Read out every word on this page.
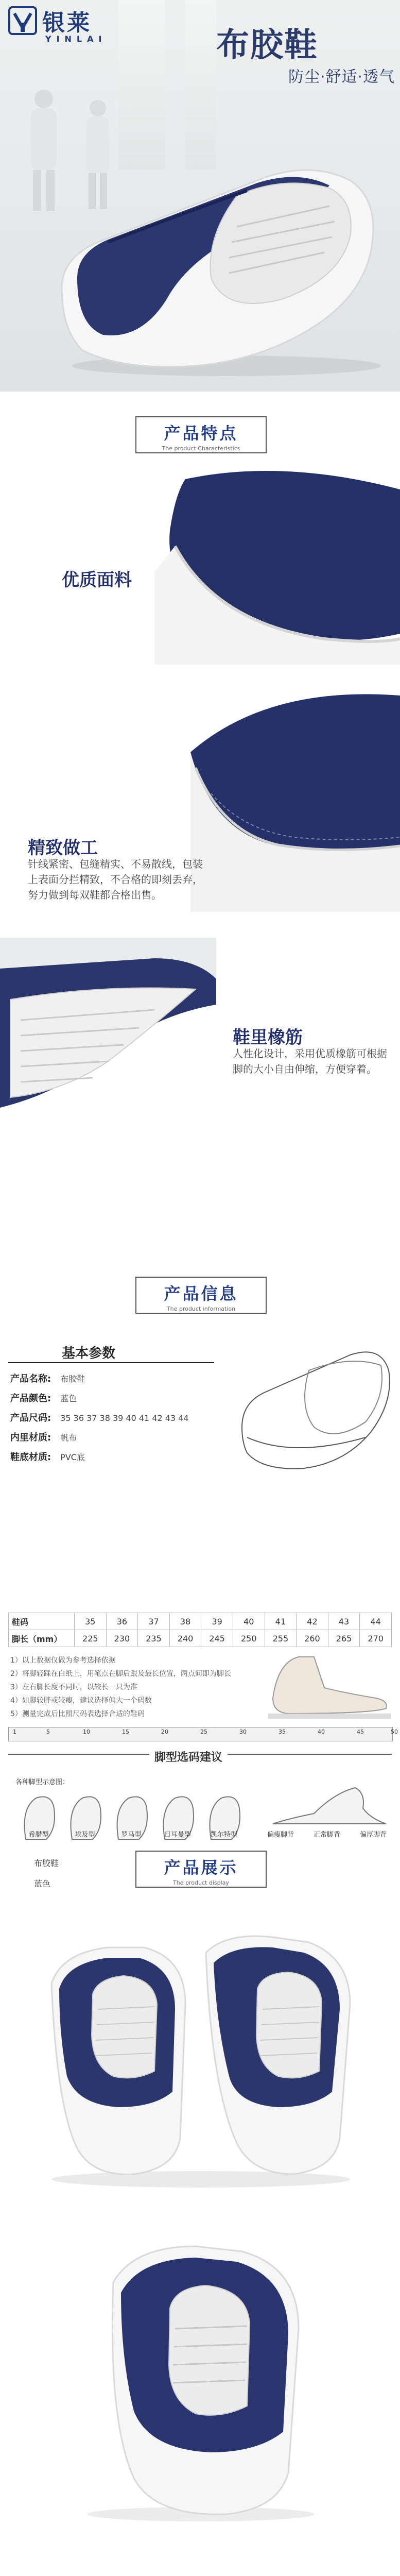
银莱
YINLAI	布胶鞋
防尘·舒适·透气
产品特点
The product Characteristics
优质面料
精致做工
针线紧密、包缝精实、不易散线，包装上表面分拦精致，不合格的即刻丢弃，努力做到每双鞋都合格出售。
鞋里橡筋
人性化设计，采用优质橡筋可根据脚的大小自由伸缩，方便穿着。
产品信息
The product information
基本参数
产品名称: 布胶鞋
产品颜色: 蓝色
产品尺码: 35 36 37 38 39 40 41 42 43 44
内里材质: 帆布
鞋底材质: PVC底
鞋码	35	36	37	38	39	40	41	42	43	44
脚长（mm）	225	230	235	240	245	250	255	260	265	270
1）以上数据仅做为参考选择依据
2）将脚轻踩在白纸上，用笔点在脚后跟及最长位置，两点间即为脚长
3）左右脚长度不同时，以较长一只为准
4）如脚较胖或较瘦，建议选择偏大一个码数
5）测量完成后比照尺码表选择合适的鞋码
1	5	10	15	20	25	30	35	40	45	50
脚型选码建议
各种脚型示意图：
希腊型	埃及型	罗马型	日耳曼型	凯尔特型	偏瘦脚背	正常脚背	偏厚脚背
产品展示
The product display
布胶鞋
蓝色
